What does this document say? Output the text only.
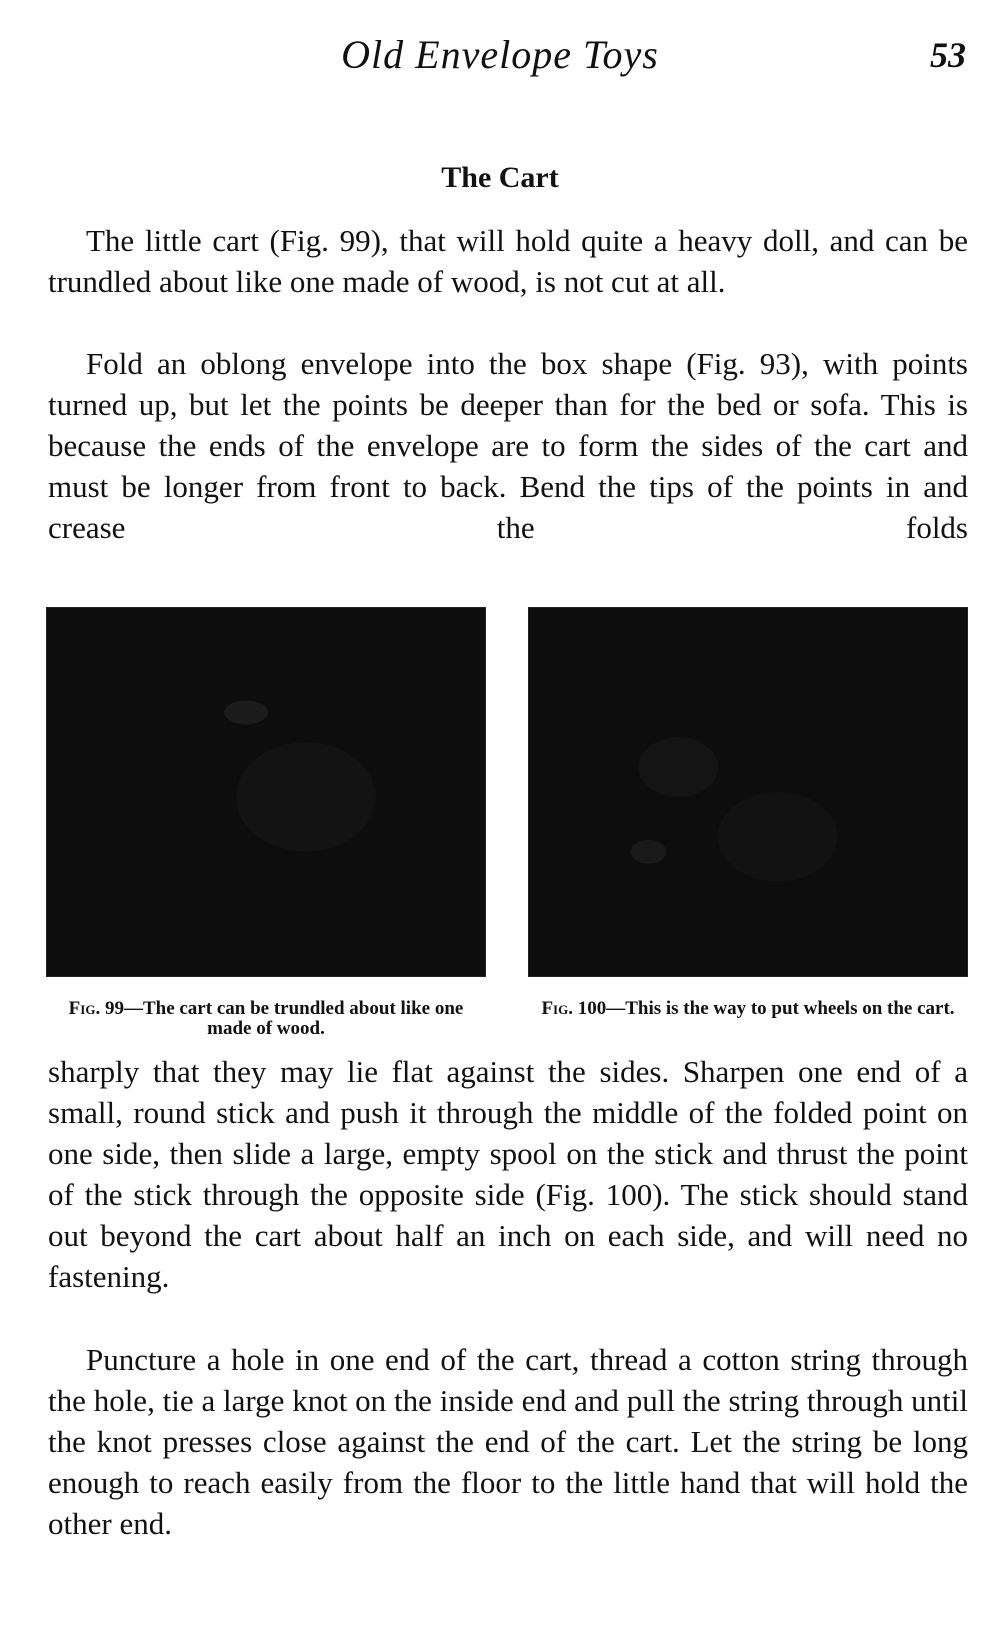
Old Envelope Toys	53
The Cart

The little cart (Fig. 99), that will hold quite a heavy doll, and can be trundled about like one made of wood, is not cut at all.

Fold an oblong envelope into the box shape (Fig. 93), with points turned up, but let the points be deeper than for the bed or sofa. This is because the ends of the envelope are to form the sides of the cart and must be longer from front to back. Bend the tips of the points in and crease the folds

Fig. 99—The cart can be trundled about like one made of wood.
Fig. 100—This is the way to put wheels on the cart.

sharply that they may lie flat against the sides. Sharpen one end of a small, round stick and push it through the middle of the folded point on one side, then slide a large, empty spool on the stick and thrust the point of the stick through the opposite side (Fig. 100). The stick should stand out beyond the cart about half an inch on each side, and will need no fastening.

Puncture a hole in one end of the cart, thread a cotton string through the hole, tie a large knot on the inside end and pull the string through until the knot presses close against the end of the cart. Let the string be long enough to reach easily from the floor to the little hand that will hold the other end.
